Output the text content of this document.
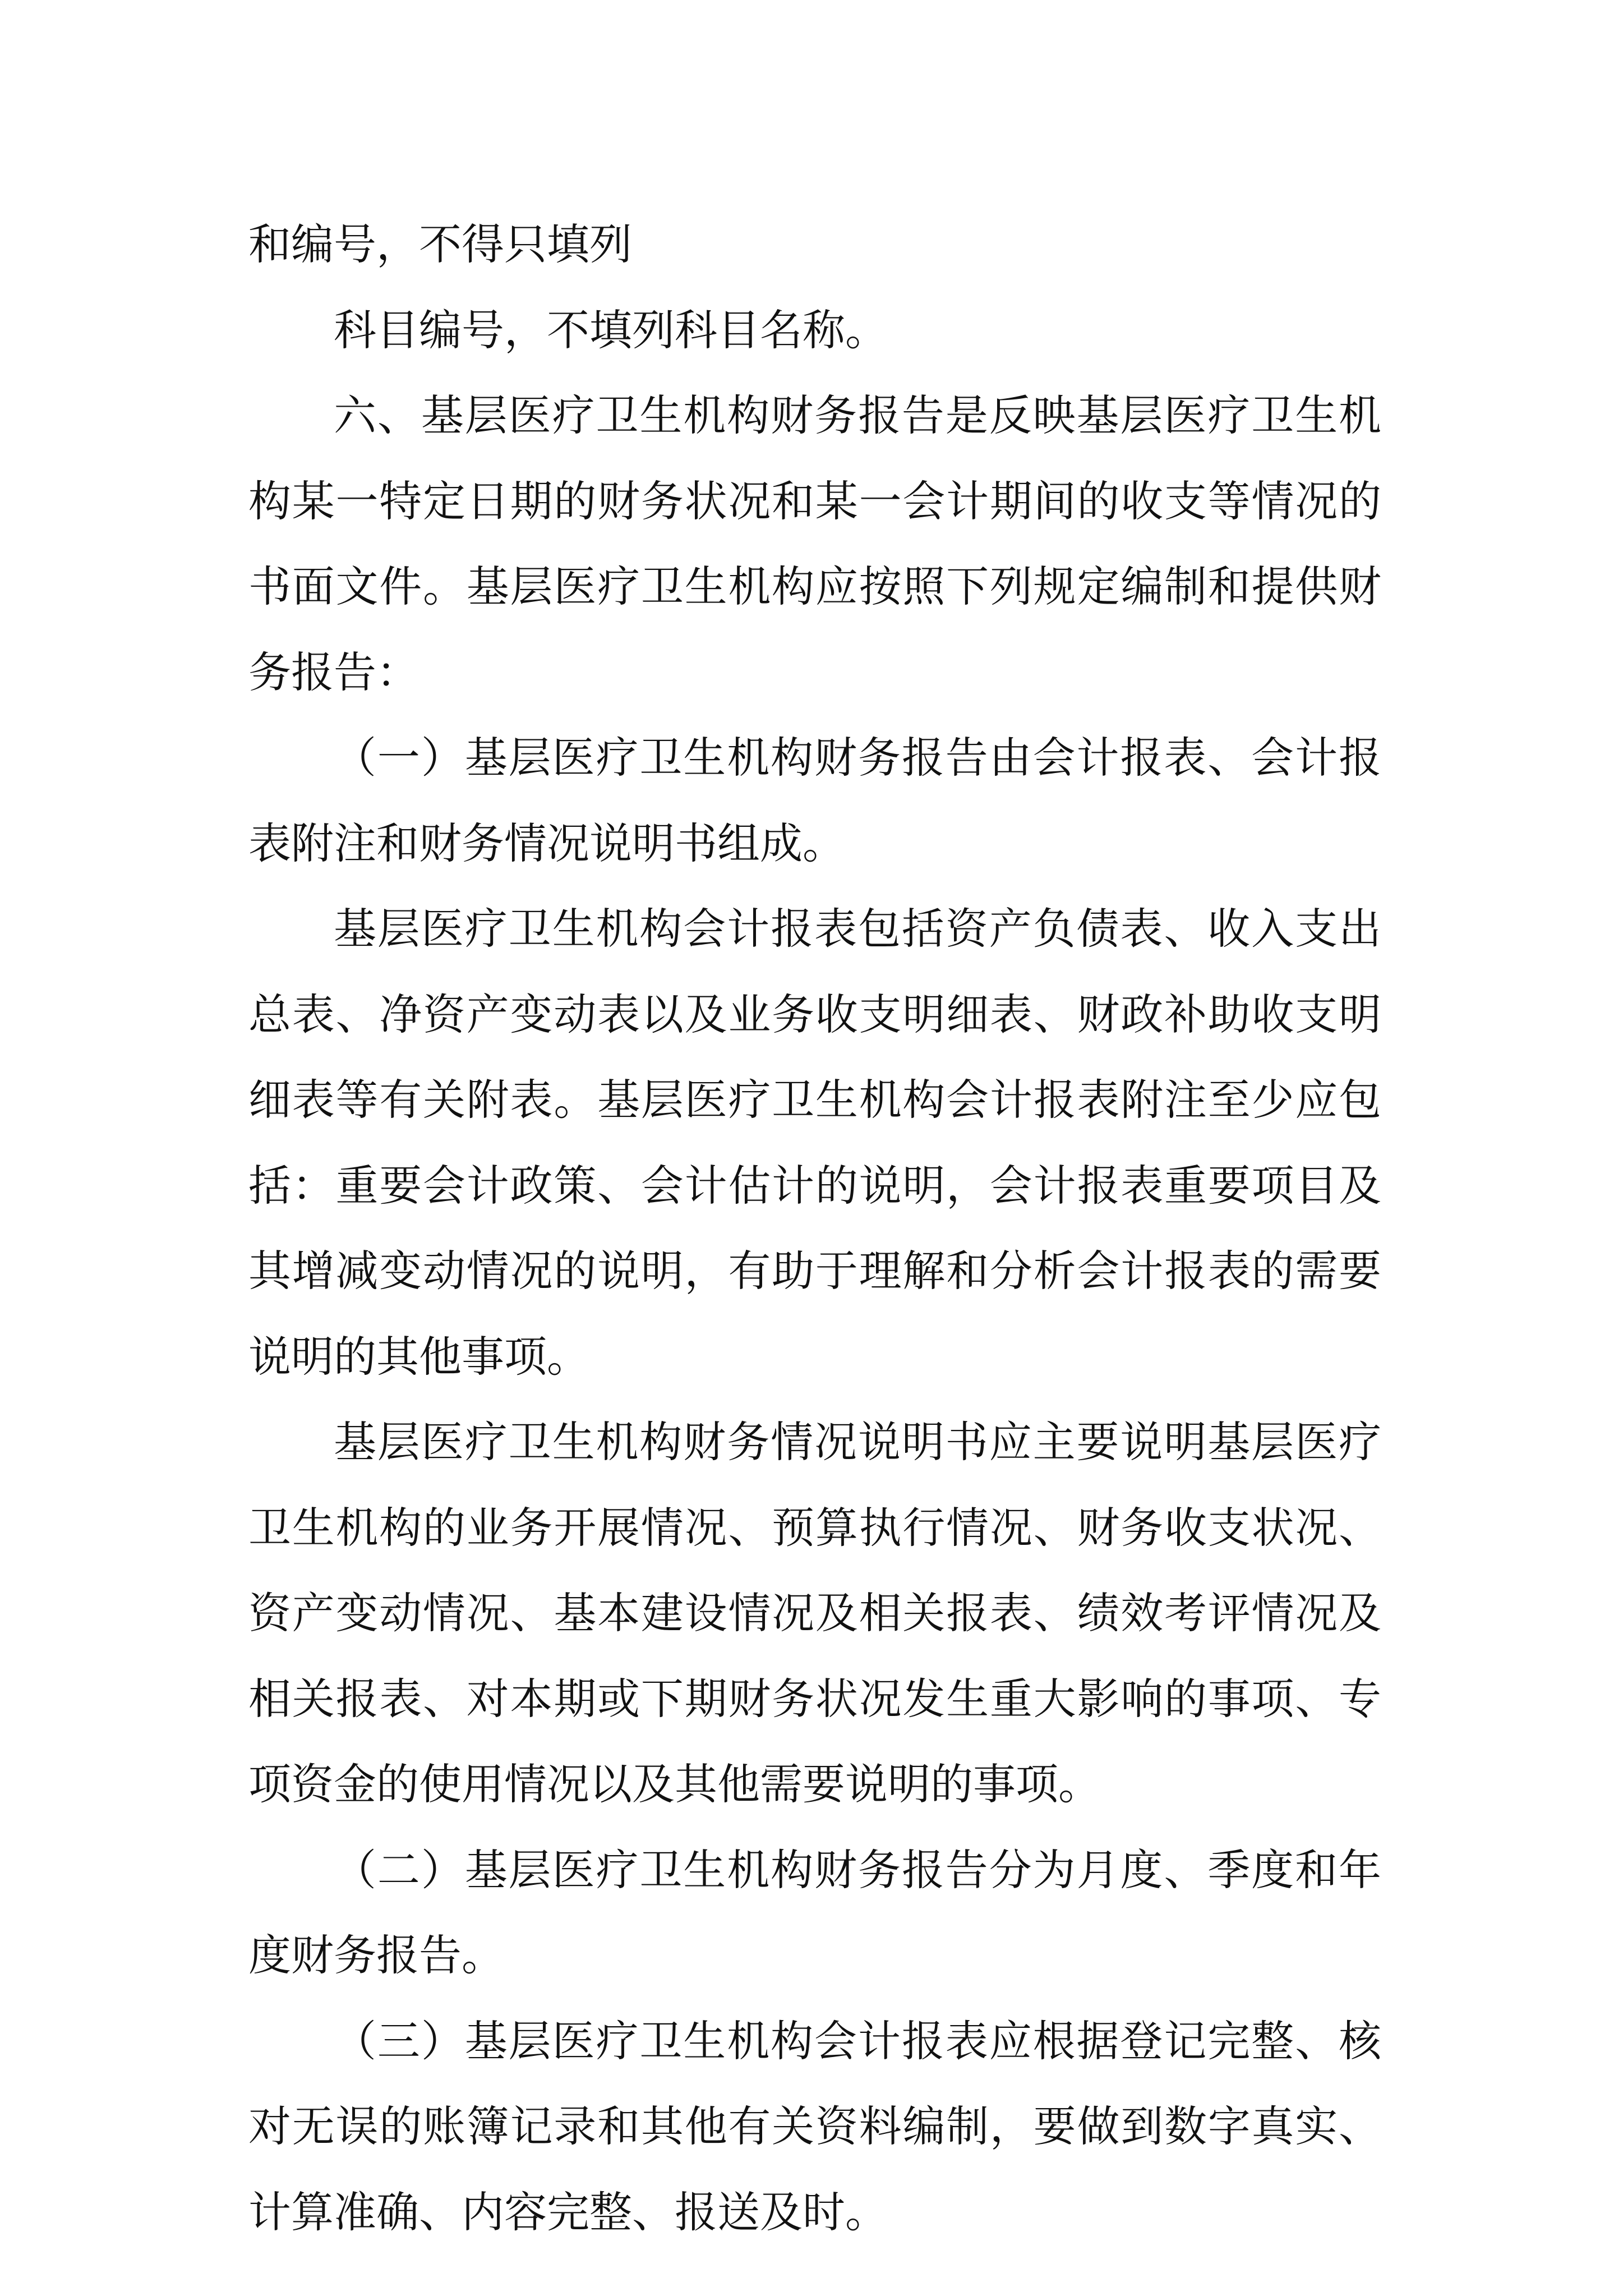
和编号，不得只填列

科目编号，不填列科目名称。

六、基层医疗卫生机构财务报告是反映基层医疗卫生机构某一特定日期的财务状况和某一会计期间的收支等情况的书面文件。基层医疗卫生机构应按照下列规定编制和提供财务报告：

（一）基层医疗卫生机构财务报告由会计报表、会计报表附注和财务情况说明书组成。

基层医疗卫生机构会计报表包括资产负债表、收入支出总表、净资产变动表以及业务收支明细表、财政补助收支明细表等有关附表。基层医疗卫生机构会计报表附注至少应包括：重要会计政策、会计估计的说明，会计报表重要项目及其增减变动情况的说明，有助于理解和分析会计报表的需要说明的其他事项。

基层医疗卫生机构财务情况说明书应主要说明基层医疗卫生机构的业务开展情况、预算执行情况、财务收支状况、资产变动情况、基本建设情况及相关报表、绩效考评情况及相关报表、对本期或下期财务状况发生重大影响的事项、专项资金的使用情况以及其他需要说明的事项。

（二）基层医疗卫生机构财务报告分为月度、季度和年度财务报告。

（三）基层医疗卫生机构会计报表应根据登记完整、核对无误的账簿记录和其他有关资料编制，要做到数字真实、计算准确、内容完整、报送及时。
